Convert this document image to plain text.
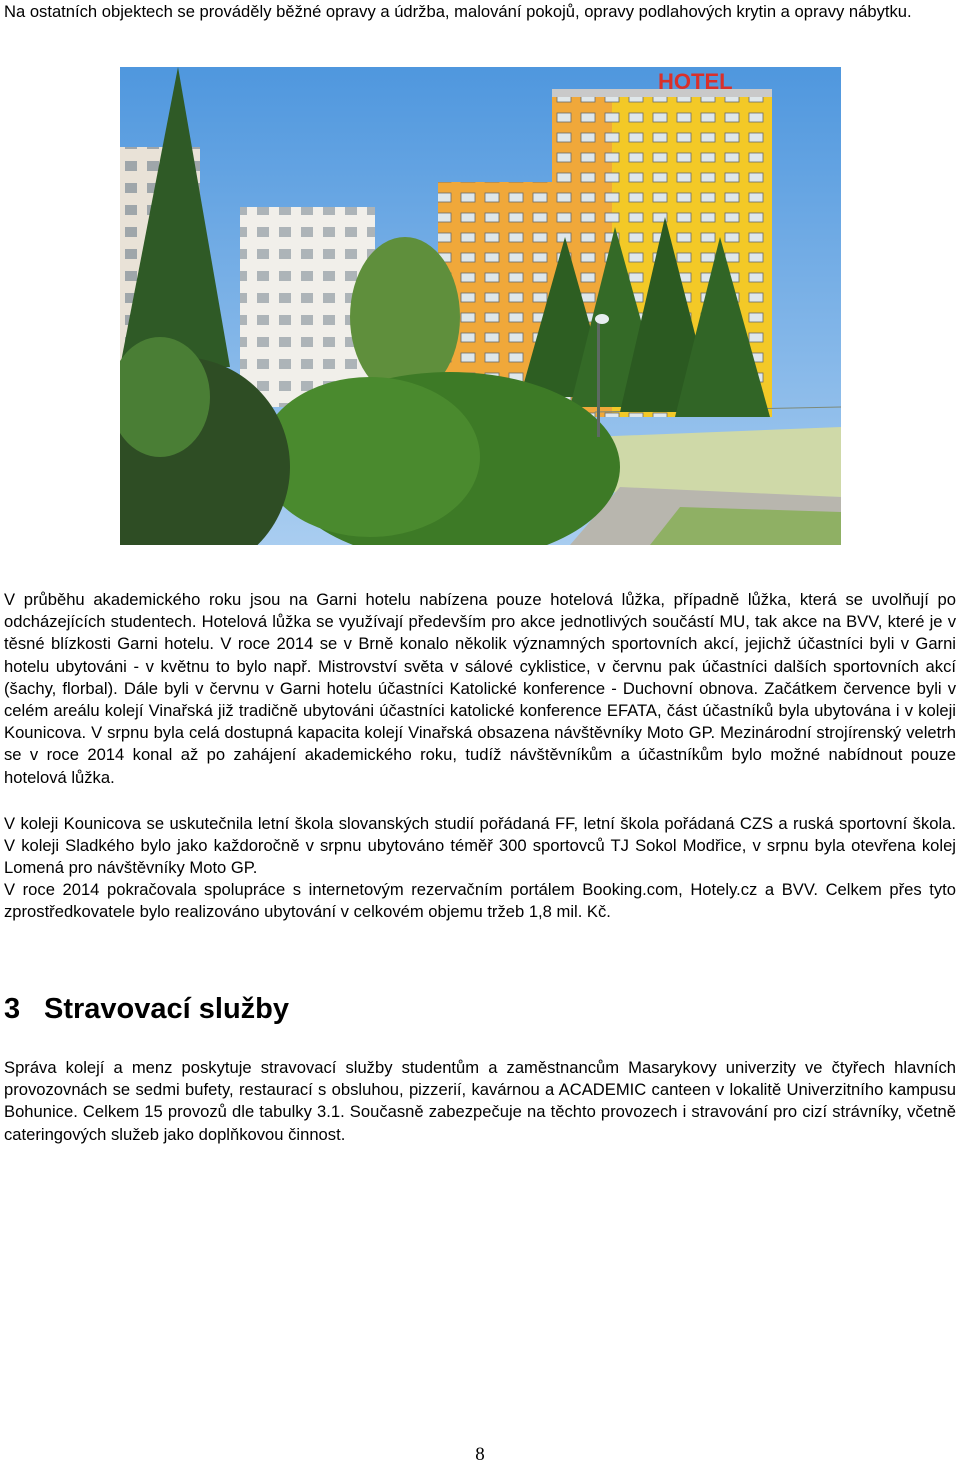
Na ostatních objektech se prováděly běžné opravy a údržba, malování pokojů, opravy podlahových krytin a opravy nábytku.

HOTEL

V průběhu akademického roku jsou na Garni hotelu nabízena pouze hotelová lůžka, případně lůžka, která se uvolňují po odcházejících studentech. Hotelová lůžka se využívají především pro akce jednotlivých součástí MU, tak akce na BVV, které je v těsné blízkosti Garni hotelu. V roce 2014 se v Brně konalo několik významných sportovních akcí, jejichž účastníci byli v Garni hotelu ubytováni - v květnu to bylo např. Mistrovství světa v sálové cyklistice, v červnu pak účastníci dalších sportovních akcí (šachy, florbal). Dále byli v červnu v Garni hotelu účastníci Katolické konference - Duchovní obnova. Začátkem července byli v celém areálu kolejí Vinařská již tradičně ubytováni účastníci katolické konference EFATA, část účastníků byla ubytována i v koleji Kounicova. V srpnu byla celá dostupná kapacita kolejí Vinařská obsazena návštěvníky Moto GP. Mezinárodní strojírenský veletrh se v roce 2014 konal až po zahájení akademického roku, tudíž návštěvníkům a účastníkům bylo možné nabídnout pouze hotelová lůžka.

V koleji Kounicova se uskutečnila letní škola slovanských studií pořádaná FF, letní škola pořádaná CZS a ruská sportovní škola. V koleji Sladkého bylo jako každoročně v srpnu ubytováno téměř 300 sportovců TJ Sokol Modřice, v srpnu byla otevřena kolej Lomená pro návštěvníky Moto GP.

V roce 2014 pokračovala spolupráce s internetovým rezervačním portálem Booking.com, Hotely.cz a BVV. Celkem přes tyto zprostředkovatele bylo realizováno ubytování v celkovém objemu tržeb 1,8 mil. Kč.

3 Stravovací služby

Správa kolejí a menz poskytuje stravovací služby studentům a zaměstnancům Masarykovy univerzity ve čtyřech hlavních provozovnách se sedmi bufety, restaurací s obsluhou, pizzerií, kavárnou a ACADEMIC canteen v lokalitě Univerzitního kampusu Bohunice. Celkem 15 provozů dle tabulky 3.1. Současně zabezpečuje na těchto provozech i stravování pro cizí strávníky, včetně cateringových služeb jako doplňkovou činnost.

8
